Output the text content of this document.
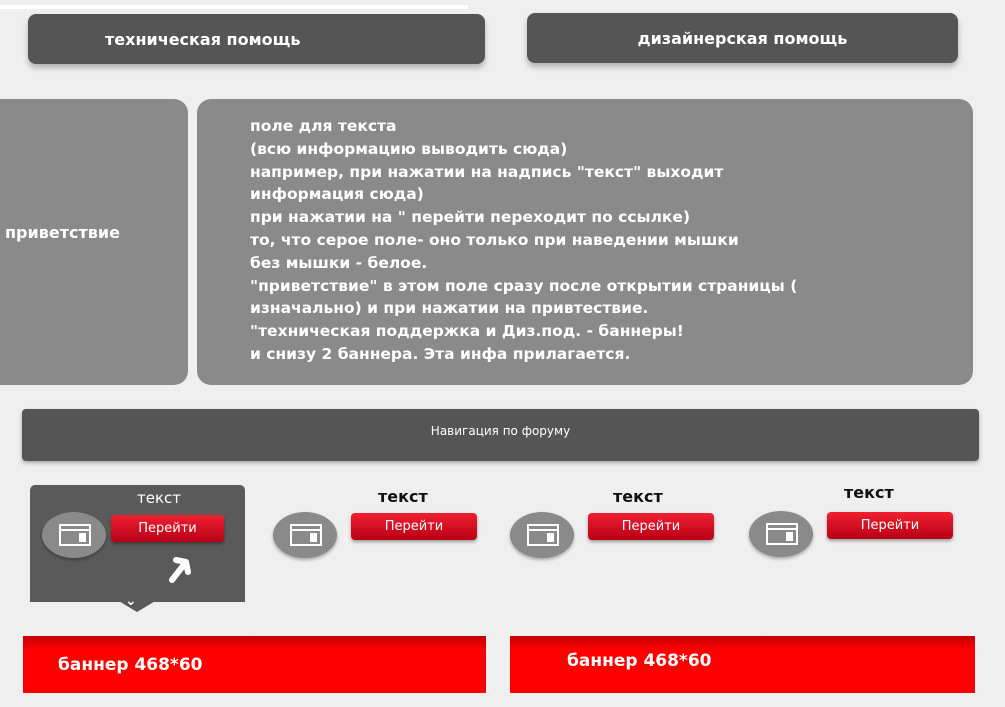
техническая помощь	дизайнерская помощь
приветствие
поле для текста
(всю информацию выводить сюда)
например, при нажатии на надпись "текст" выходит
информация сюда)
при нажатии на " перейти переходит по ссылке)
то, что серое поле- оно только при наведении мышки
без мышки - белое.
"приветствие" в этом поле сразу после открытии страницы (
изначально) и при нажатии на привтествие.
"техническая поддержка и Диз.под. - баннеры!
и снизу 2 баннера. Эта инфа прилагается.
Навигация по форуму
⌄
текст
Перейти
текст
Перейти
текст
Перейти
текст
Перейти
баннер 468*60	баннер 468*60
